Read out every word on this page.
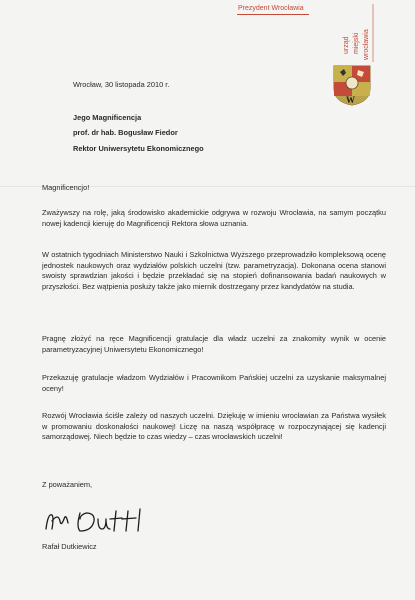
Prezydent Wrocławia
urząd miejski wrocławia
W
Wrocław, 30 listopada 2010 r.
Jego Magnificencja
prof. dr hab. Bogusław Fiedor
Rektor Uniwersytetu Ekonomicznego
Magnificencjo!
Zważywszy na rolę, jaką środowisko akademickie odgrywa w rozwoju Wrocławia, na samym początku nowej kadencji kieruję do Magnificencji Rektora słowa uznania.
W ostatnich tygodniach Ministerstwo Nauki i Szkolnictwa Wyższego przeprowadziło kompleksową ocenę jednostek naukowych oraz wydziałów polskich uczelni (tzw. parametryzacja). Dokonana ocena stanowi swoisty sprawdzian jakości i będzie przekładać się na stopień dofinansowania badań naukowych w przyszłości. Bez wątpienia posłuży także jako miernik dostrzegany przez kandydatów na studia.
Pragnę złożyć na ręce Magnificencji gratulacje dla władz uczelni za znakomity wynik w ocenie parametryzacyjnej Uniwersytetu Ekonomicznego!
Przekazuję gratulacje władzom Wydziałów i Pracownikom Pańskiej uczelni za uzyskanie maksymalnej oceny!
Rozwój Wrocławia ściśle zależy od naszych uczelni. Dziękuję w imieniu wrocławian za Państwa wysiłek w promowaniu doskonałości naukowej! Liczę na naszą współpracę w rozpoczynającej się kadencji samorządowej. Niech będzie to czas wiedzy – czas wrocławskich uczelni!
Z poważaniem,
Rafał Dutkiewicz
